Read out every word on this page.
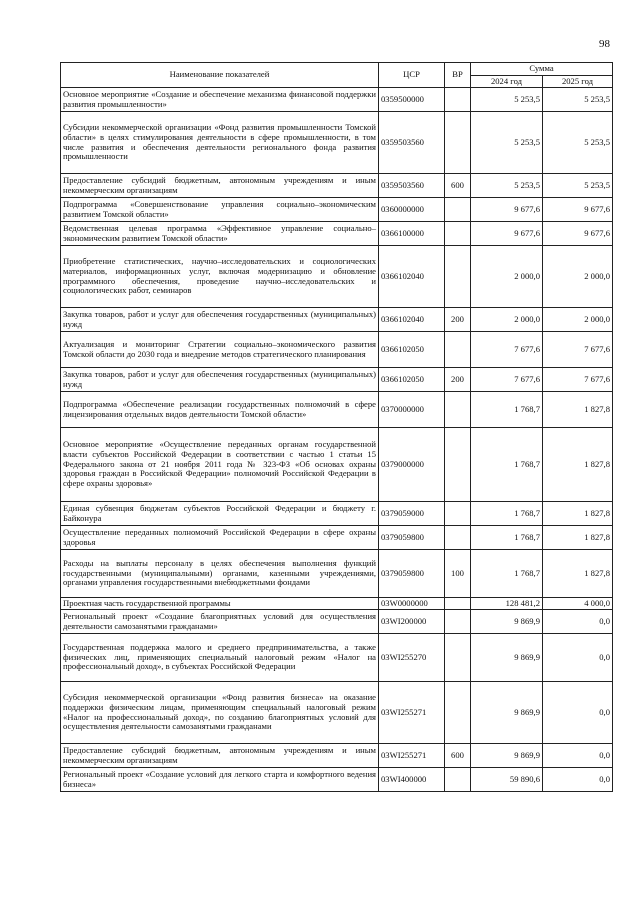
98
Наименование показателей	ЦСР	ВР	Сумма	
			2024 год	2025 год
Основное мероприятие «Создание и обеспечение механизма финансовой поддержки развития промышленности»	0359500000		5 253,5	5 253,5
Субсидии некоммерческой организации «Фонд развития промышленности Томской области» в целях стимулирования деятельности в сфере промышленности, в том числе развития и обеспечения деятельности регионального фонда развития промышленности	0359503560		5 253,5	5 253,5
Предоставление субсидий бюджетным, автономным учреждениям и иным некоммерческим организациям	0359503560	600	5 253,5	5 253,5
Подпрограмма «Совершенствование управления социально–экономическим развитием Томской области»	0360000000		9 677,6	9 677,6
Ведомственная целевая программа «Эффективное управление социально–экономическим развитием Томской области»	0366100000		9 677,6	9 677,6
Приобретение статистических, научно–исследовательских и социологических материалов, информационных услуг, включая модернизацию и обновление программного обеспечения, проведение научно–исследовательских и социологических работ, семинаров	0366102040		2 000,0	2 000,0
Закупка товаров, работ и услуг для обеспечения государственных (муниципальных) нужд	0366102040	200	2 000,0	2 000,0
Актуализация и мониторинг Стратегии социально–экономического развития Томской области до 2030 года и внедрение методов стратегического планирования	0366102050		7 677,6	7 677,6
Закупка товаров, работ и услуг для обеспечения государственных (муниципальных) нужд	0366102050	200	7 677,6	7 677,6
Подпрограмма «Обеспечение реализации государственных полномочий в сфере лицензирования отдельных видов деятельности Томской области»	0370000000		1 768,7	1 827,8
Основное мероприятие «Осуществление переданных органам государственной власти субъектов Российской Федерации в соответствии с частью 1 статьи 15 Федерального закона от 21 ноября 2011 года № 323-ФЗ «Об основах охраны здоровья граждан в Российской Федерации» полномочий Российской Федерации в сфере охраны здоровья»	0379000000		1 768,7	1 827,8
Единая субвенция бюджетам субъектов Российской Федерации и бюджету г. Байконура	0379059000		1 768,7	1 827,8
Осуществление переданных полномочий Российской Федерации в сфере охраны здоровья	0379059800		1 768,7	1 827,8
Расходы на выплаты персоналу в целях обеспечения выполнения функций государственными (муниципальными) органами, казенными учреждениями, органами управления государственными внебюджетными фондами	0379059800	100	1 768,7	1 827,8
Проектная часть государственной программы	03W0000000		128 481,2	4 000,0
Региональный проект «Создание благоприятных условий для осуществления деятельности самозанятыми гражданами»	03WI200000		9 869,9	0,0
Государственная поддержка малого и среднего предпринимательства, а также физических лиц, применяющих специальный налоговый режим «Налог на профессиональный доход», в субъектах Российской Федерации	03WI255270		9 869,9	0,0
Субсидия некоммерческой организации «Фонд развития бизнеса» на оказание поддержки физическим лицам, применяющим специальный налоговый режим «Налог на профессиональный доход», по созданию благоприятных условий для осуществления деятельности самозанятыми гражданами	03WI255271		9 869,9	0,0
Предоставление субсидий бюджетным, автономным учреждениям и иным некоммерческим организациям	03WI255271	600	9 869,9	0,0
Региональный проект «Создание условий для легкого старта и комфортного ведения бизнеса»	03WI400000		59 890,6	0,0
